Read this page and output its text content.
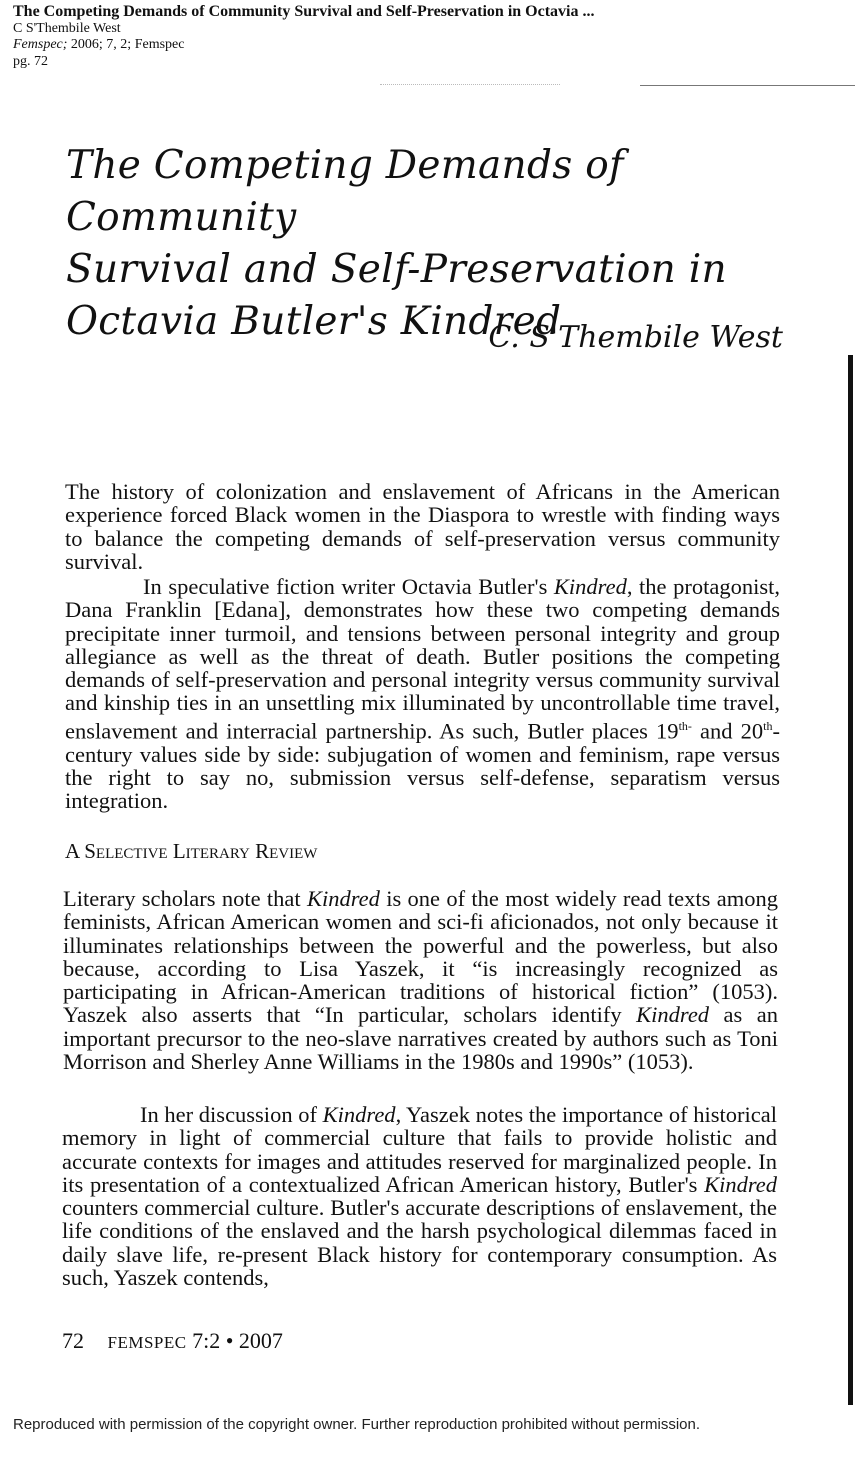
The Competing Demands of Community Survival and Self-Preservation in Octavia ...
C S'Thembile West
Femspec; 2006; 7, 2; Femspec
pg. 72
The Competing Demands of Community
Survival and Self-Preservation in
Octavia Butler's Kindred
C. S'Thembile West
The history of colonization and enslavement of Africans in the American experience forced Black women in the Diaspora to wrestle with finding ways to balance the competing demands of self-preservation versus community survival.
In speculative fiction writer Octavia Butler's Kindred, the protagonist, Dana Franklin [Edana], demonstrates how these two competing demands precipitate inner turmoil, and tensions between personal integrity and group allegiance as well as the threat of death. Butler positions the competing demands of self-preservation and personal integrity versus community survival and kinship ties in an unsettling mix illuminated by uncontrollable time travel, enslavement and interracial partnership. As such, Butler places $19^{th-}$ and 20th-century values side by side: subjugation of women and feminism, rape versus the right to say no, submission versus self-defense, separatism versus integration.
A Selective Literary Review
Literary scholars note that Kindred is one of the most widely read texts among feminists, African American women and sci-fi aficionados, not only because it illuminates relationships between the powerful and the powerless, but also because, according to Lisa Yaszek, it “is increasingly recognized as participating in African-American traditions of historical fiction” (1053). Yaszek also asserts that “In particular, scholars identify Kindred as an important precursor to the neo-slave narratives created by authors such as Toni Morrison and Sherley Anne Williams in the 1980s and 1990s” (1053).
In her discussion of Kindred, Yaszek notes the importance of historical memory in light of commercial culture that fails to provide holistic and accurate contexts for images and attitudes reserved for marginalized people. In its presentation of a contextualized African American history, Butler's Kindred counters commercial culture. Butler's accurate descriptions of enslavement, the life conditions of the enslaved and the harsh psychological dilemmas faced in daily slave life, re-present Black history for contemporary consumption. As such, Yaszek contends,
72 FEMSPEC 7:2 • 2007
Reproduced with permission of the copyright owner. Further reproduction prohibited without permission.
